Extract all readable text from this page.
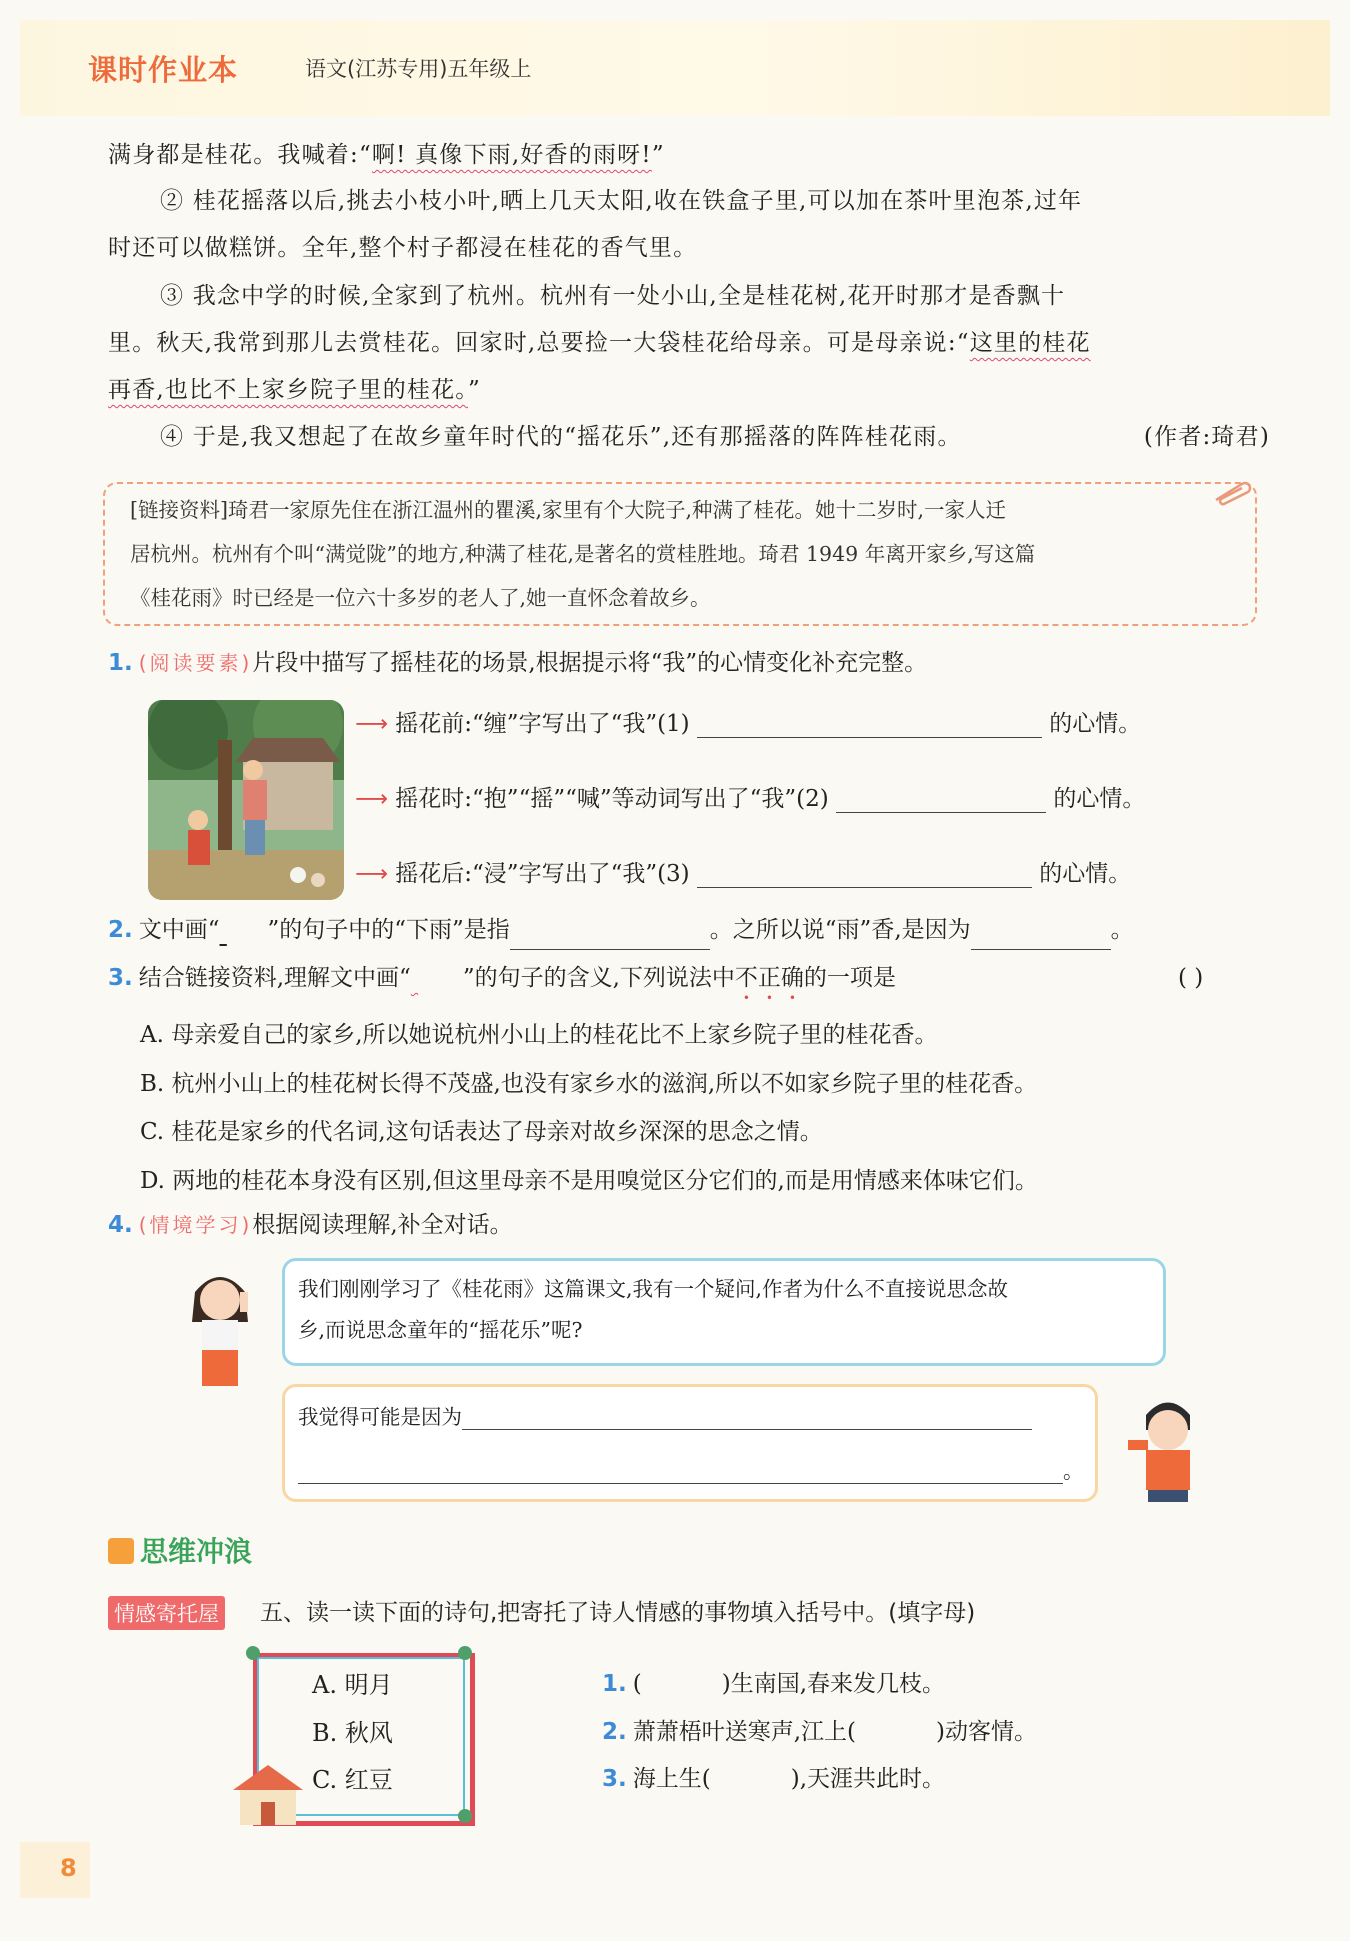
课时作业本	语文(江苏专用)五年级上
满身都是桂花。我喊着:“啊! 真像下雨,好香的雨呀!”
② 桂花摇落以后,挑去小枝小叶,晒上几天太阳,收在铁盒子里,可以加在茶叶里泡茶,过年
时还可以做糕饼。全年,整个村子都浸在桂花的香气里。
③ 我念中学的时候,全家到了杭州。杭州有一处小山,全是桂花树,花开时那才是香飘十
里。秋天,我常到那儿去赏桂花。回家时,总要捡一大袋桂花给母亲。可是母亲说:“这里的桂花
再香,也比不上家乡院子里的桂花。”
④ 于是,我又想起了在故乡童年时代的“摇花乐”,还有那摇落的阵阵桂花雨。	(作者:琦君)
[链接资料]琦君一家原先住在浙江温州的瞿溪,家里有个大院子,种满了桂花。她十二岁时,一家人迁
居杭州。杭州有个叫“满觉陇”的地方,种满了桂花,是著名的赏桂胜地。琦君 1949 年离开家乡,写这篇
《桂花雨》时已经是一位六十多岁的老人了,她一直怀念着故乡。
1. (阅读要素)片段中描写了摇桂花的场景,根据提示将“我”的心情变化补充完整。
⟶ 摇花前:“缠”字写出了“我”(1)	的心情。
⟶ 摇花时:“抱”“摇”“喊”等动词写出了“我”(2)	的心情。
⟶ 摇花后:“浸”字写出了“我”(3)	的心情。
2. 文中画“ ”的句子中的“下雨”是指	。之所以说“雨”香,是因为	。
3. 结合链接资料,理解文中画“ ”的句子的含义,下列说法中不正确的一项是	( )
A. 母亲爱自己的家乡,所以她说杭州小山上的桂花比不上家乡院子里的桂花香。
B. 杭州小山上的桂花树长得不茂盛,也没有家乡水的滋润,所以不如家乡院子里的桂花香。
C. 桂花是家乡的代名词,这句话表达了母亲对故乡深深的思念之情。
D. 两地的桂花本身没有区别,但这里母亲不是用嗅觉区分它们的,而是用情感来体味它们。
4. (情境学习)根据阅读理解,补全对话。
我们刚刚学习了《桂花雨》这篇课文,我有一个疑问,作者为什么不直接说思念故
乡,而说思念童年的“摇花乐”呢?
我觉得可能是因为
。
思维冲浪
情感寄托屋 五、读一读下面的诗句,把寄托了诗人情感的事物填入括号中。(填字母)
A. 明月
B. 秋风
C. 红豆
1. (	)生南国,春来发几枝。
2. 萧萧梧叶送寒声,江上(	)动客情。
3. 海上生(	),天涯共此时。
8
